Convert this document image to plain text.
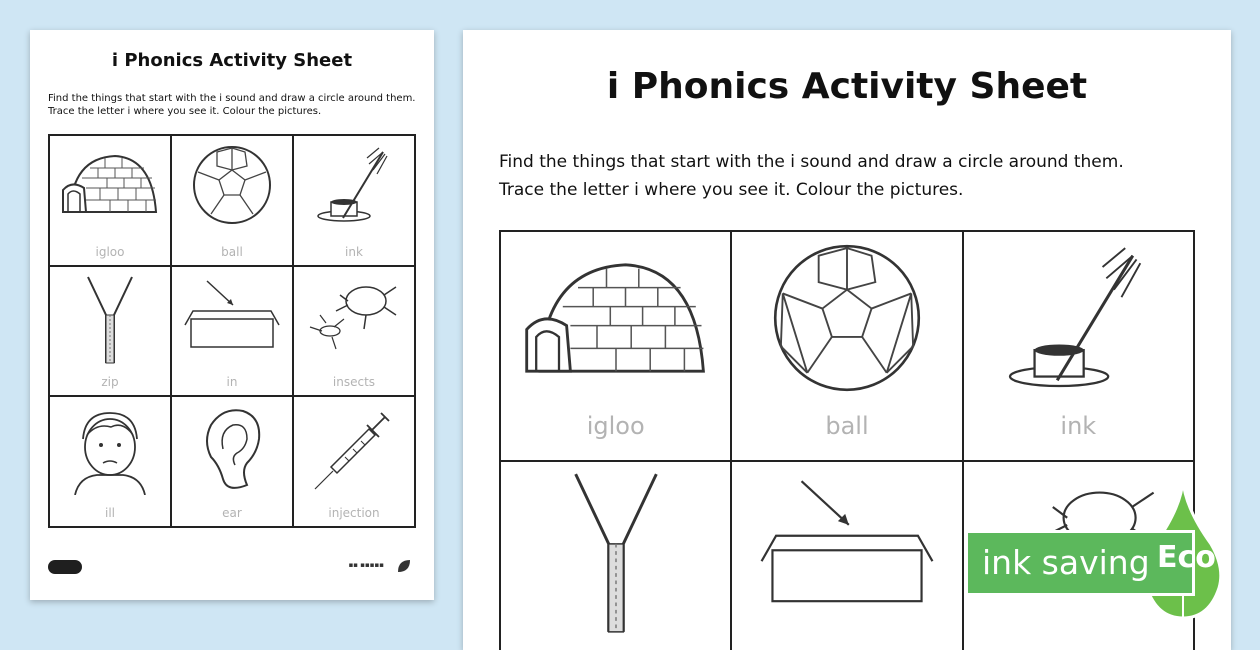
i Phonics Activity Sheet
Find the things that start with the i sound and draw a circle around them.
Trace the letter i where you see it. Colour the pictures.
igloo	ball	ink
zip	in	insects
ill	ear	injection
▪▪ ▪▪▪▪▪
i Phonics Activity Sheet
Find the things that start with the i sound and draw a circle around them.
Trace the letter i where you see it. Colour the pictures.
igloo	ball	ink
ink saving Eco
